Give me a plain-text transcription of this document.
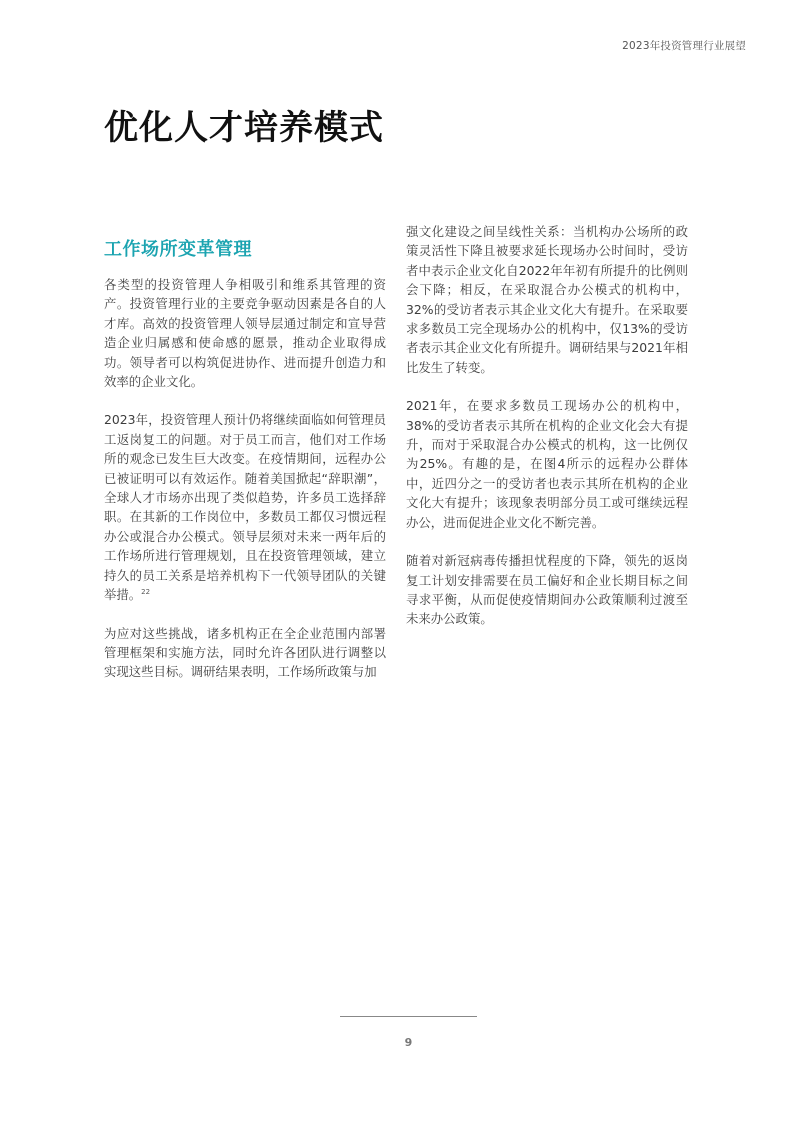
2023年投资管理行业展望
优化人才培养模式
工作场所变革管理

各类型的投资管理人争相吸引和维系其管理的资产。投资管理行业的主要竞争驱动因素是各自的人才库。高效的投资管理人领导层通过制定和宣导营造企业归属感和使命感的愿景，推动企业取得成功。领导者可以构筑促进协作、进而提升创造力和效率的企业文化。

2023年，投资管理人预计仍将继续面临如何管理员工返岗复工的问题。对于员工而言，他们对工作场所的观念已发生巨大改变。在疫情期间，远程办公已被证明可以有效运作。随着美国掀起“辞职潮”，全球人才市场亦出现了类似趋势，许多员工选择辞职。在其新的工作岗位中，多数员工都仅习惯远程办公或混合办公模式。领导层须对未来一两年后的工作场所进行管理规划，且在投资管理领域，建立持久的员工关系是培养机构下一代领导团队的关键举措。$^{22}$

为应对这些挑战，诸多机构正在全企业范围内部署管理框架和实施方法，同时允许各团队进行调整以实现这些目标。调研结果表明，工作场所政策与加

强文化建设之间呈线性关系：当机构办公场所的政策灵活性下降且被要求延长现场办公时间时，受访者中表示企业文化自2022年年初有所提升的比例则会下降；相反，在采取混合办公模式的机构中，32%的受访者表示其企业文化大有提升。在采取要求多数员工完全现场办公的机构中，仅13%的受访者表示其企业文化有所提升。调研结果与2021年相比发生了转变。

2021年，在要求多数员工现场办公的机构中，38%的受访者表示其所在机构的企业文化会大有提升，而对于采取混合办公模式的机构，这一比例仅为25%。有趣的是，在图4所示的远程办公群体中，近四分之一的受访者也表示其所在机构的企业文化大有提升；该现象表明部分员工或可继续远程办公，进而促进企业文化不断完善。

随着对新冠病毒传播担忧程度的下降，领先的返岗复工计划安排需要在员工偏好和企业长期目标之间寻求平衡，从而促使疫情期间办公政策顺利过渡至未来办公政策。

9
